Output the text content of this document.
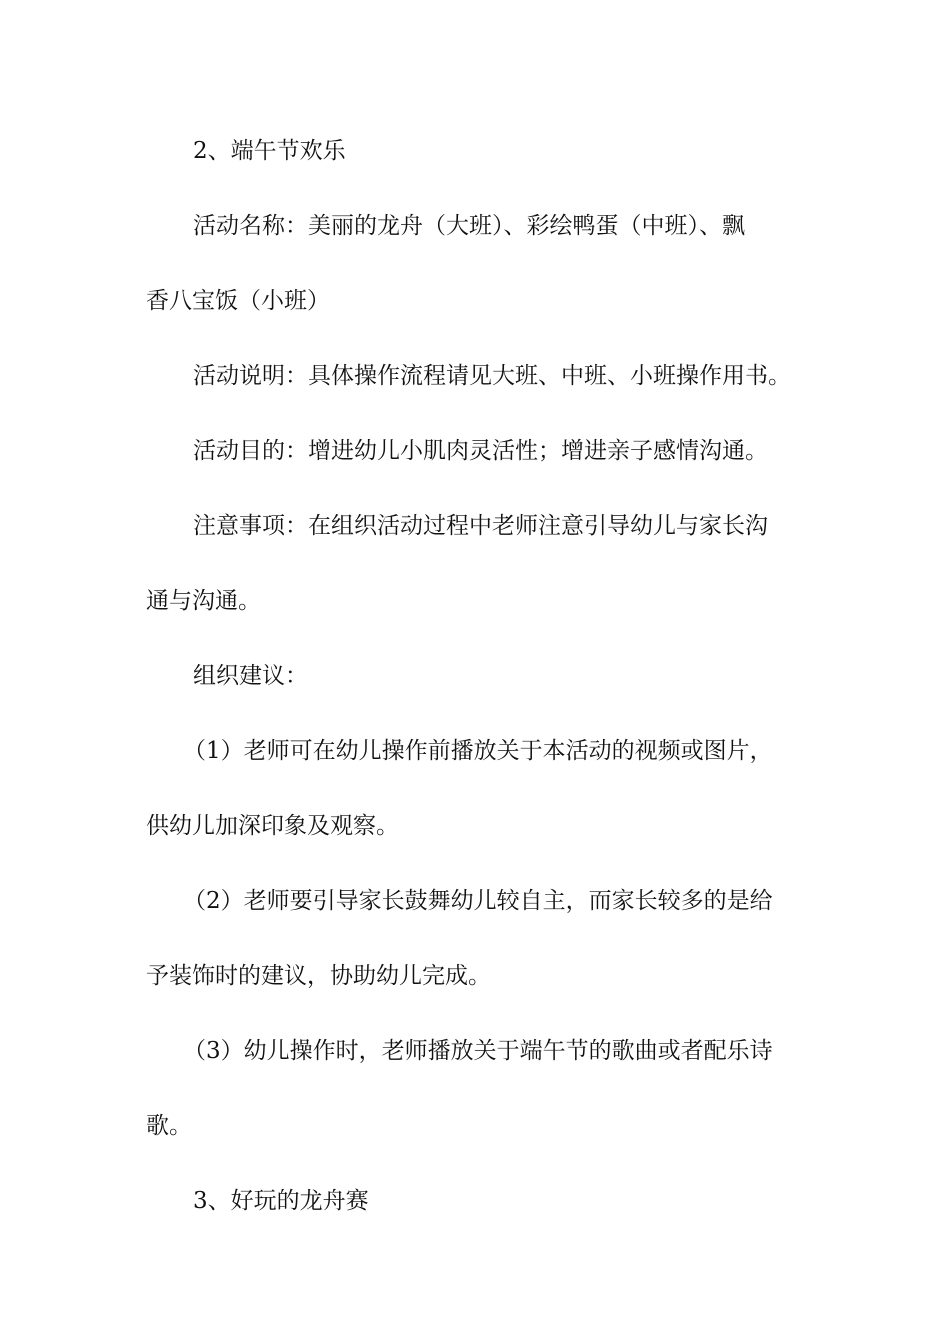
2、端午节欢乐

活动名称：美丽的龙舟（大班）、彩绘鸭蛋（中班）、飘

香八宝饭（小班）

活动说明：具体操作流程请见大班、中班、小班操作用书。

活动目的：增进幼儿小肌肉灵活性；增进亲子感情沟通。

注意事项：在组织活动过程中老师注意引导幼儿与家长沟

通与沟通。

组织建议：

（1）老师可在幼儿操作前播放关于本活动的视频或图片，

供幼儿加深印象及观察。

（2）老师要引导家长鼓舞幼儿较自主，而家长较多的是给

予装饰时的建议，协助幼儿完成。

（3）幼儿操作时，老师播放关于端午节的歌曲或者配乐诗

歌。

3、好玩的龙舟赛
